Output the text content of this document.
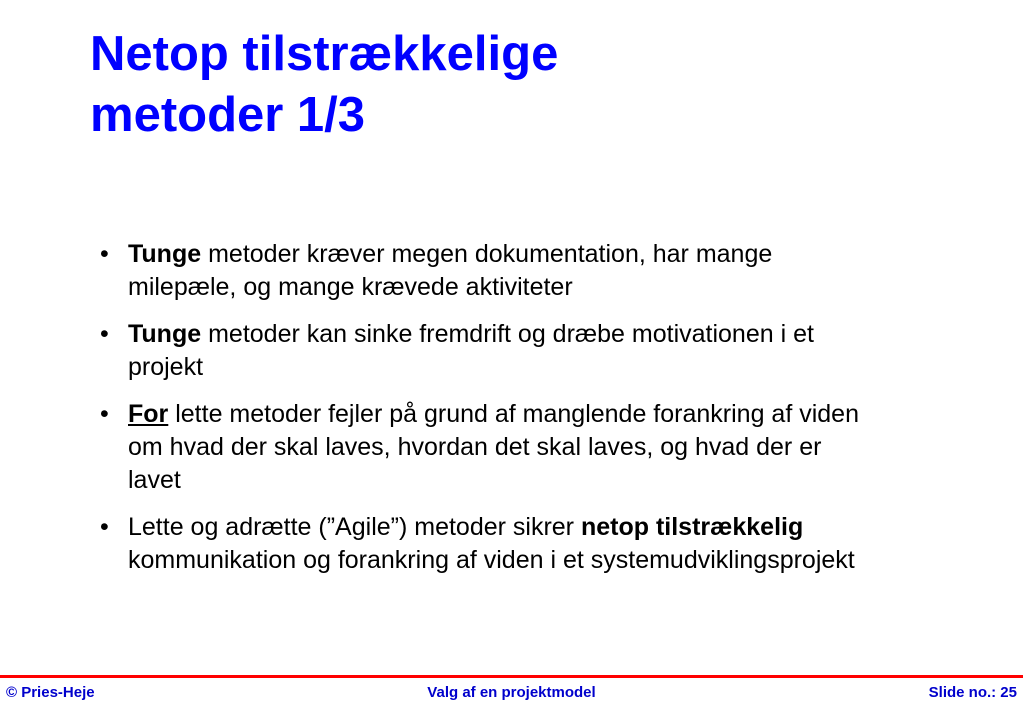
Netop tilstrækkelige
metoder 1/3
• Tunge metoder kræver megen dokumentation, har mange milepæle, og mange krævede aktiviteter
• Tunge metoder kan sinke fremdrift og dræbe motivationen i et projekt
• For lette metoder fejler på grund af manglende forankring af viden om hvad der skal laves, hvordan det skal laves, og hvad der er lavet
• Lette og adrætte (”Agile”) metoder sikrer netop tilstrækkelig kommunikation og forankring af viden i et systemudviklingsprojekt
Valg af en projektmodel
© Pries-Heje	Slide no.: 25
